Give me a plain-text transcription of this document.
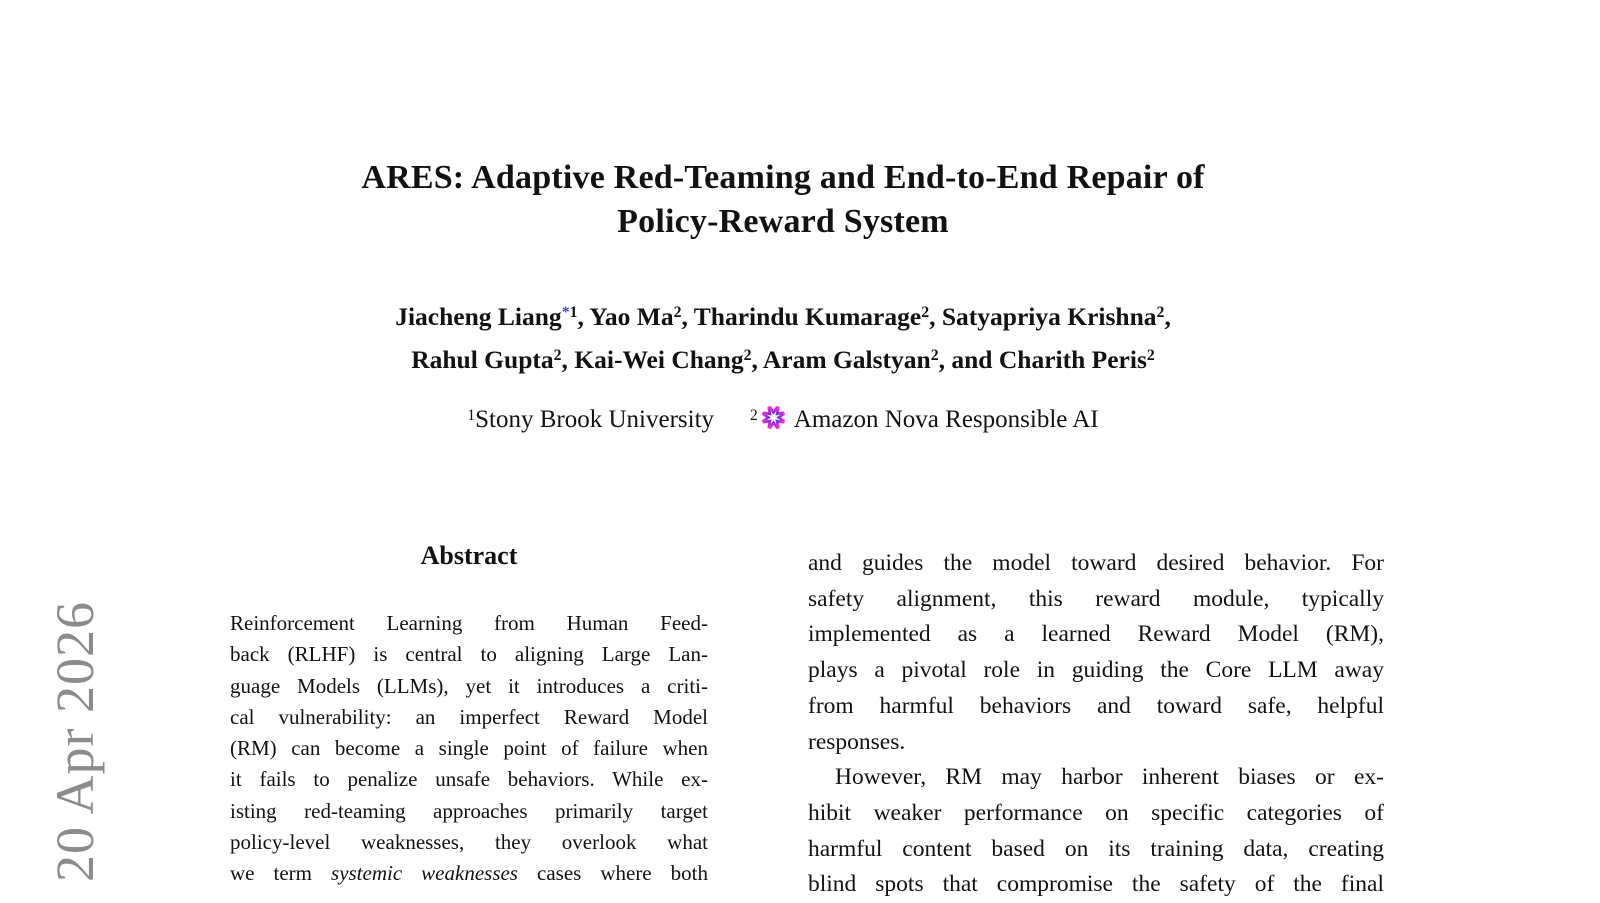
20 Apr 2026
ARES: Adaptive Red-Teaming and End-to-End Repair of
Policy-Reward System
Jiacheng Liang$^{*1}$, Yao Ma$^2$, Tharindu Kumarage$^2$, Satyapriya Krishna$^2$,
Rahul Gupta$^2$, Kai-Wei Chang$^2$, Aram Galstyan$^2$, and Charith Peris$^2$
$^1$Stony Brook University $^2$ Amazon Nova Responsible AI
Abstract
Reinforcement Learning from Human Feed-
back (RLHF) is central to aligning Large Lan-
guage Models (LLMs), yet it introduces a criti-
cal vulnerability: an imperfect Reward Model
(RM) can become a single point of failure when
it fails to penalize unsafe behaviors. While ex-
isting red-teaming approaches primarily target
policy-level weaknesses, they overlook what
we term systemic weaknesses cases where both
and guides the model toward desired behavior. For
safety alignment, this reward module, typically
implemented as a learned Reward Model (RM),
plays a pivotal role in guiding the Core LLM away
from harmful behaviors and toward safe, helpful
responses.
However, RM may harbor inherent biases or ex-
hibit weaker performance on specific categories of
harmful content based on its training data, creating
blind spots that compromise the safety of the final
